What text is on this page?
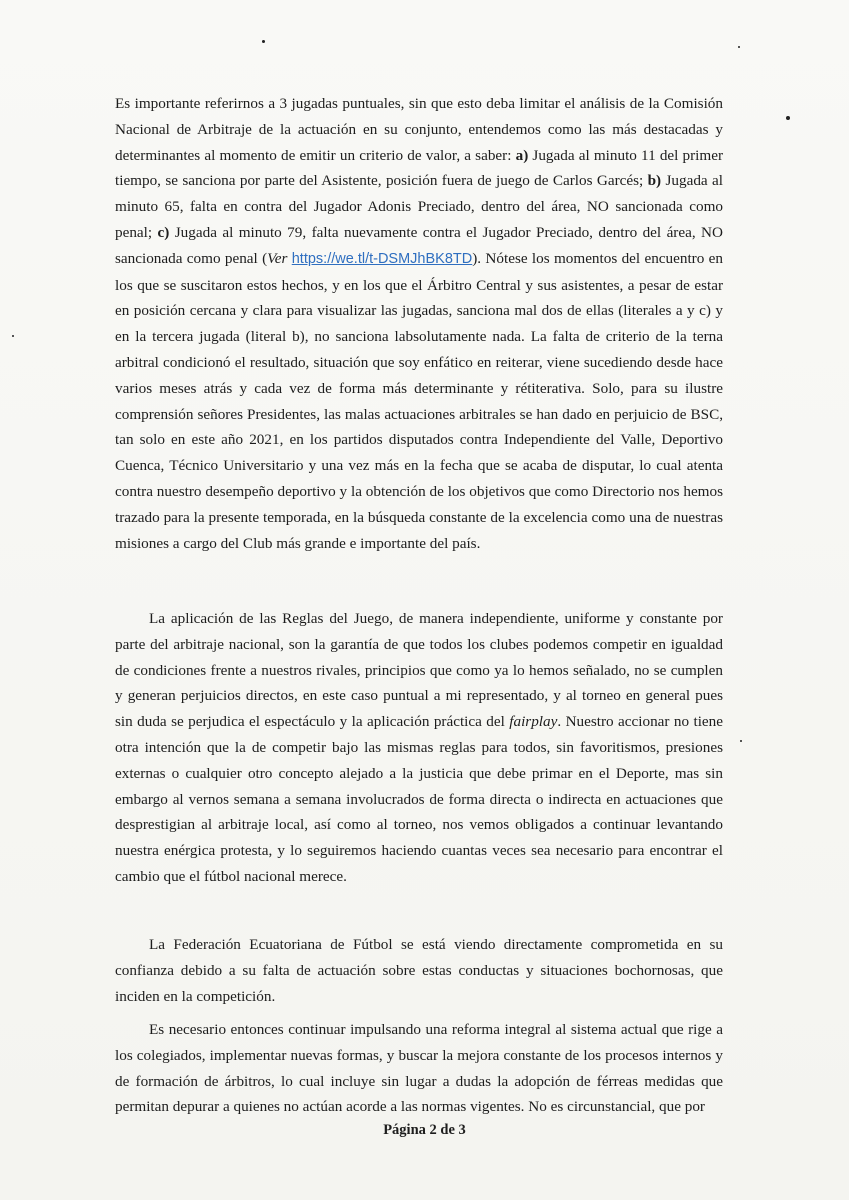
Es importante referirnos a 3 jugadas puntuales, sin que esto deba limitar el análisis de la Comisión Nacional de Arbitraje de la actuación en su conjunto, entendemos como las más destacadas y determinantes al momento de emitir un criterio de valor, a saber: a) Jugada al minuto 11 del primer tiempo, se sanciona por parte del Asistente, posición fuera de juego de Carlos Garcés; b) Jugada al minuto 65, falta en contra del Jugador Adonis Preciado, dentro del área, NO sancionada como penal; c) Jugada al minuto 79, falta nuevamente contra el Jugador Preciado, dentro del área, NO sancionada como penal (Ver https://we.tl/t-DSMJhBK8TD). Nótese los momentos del encuentro en los que se suscitaron estos hechos, y en los que el Árbitro Central y sus asistentes, a pesar de estar en posición cercana y clara para visualizar las jugadas, sanciona mal dos de ellas (literales a y c) y en la tercera jugada (literal b), no sanciona labsolutamente nada. La falta de criterio de la terna arbitral condicionó el resultado, situación que soy enfático en reiterar, viene sucediendo desde hace varios meses atrás y cada vez de forma más determinante y rétiterativa. Solo, para su ilustre comprensión señores Presidentes, las malas actuaciones arbitrales se han dado en perjuicio de BSC, tan solo en este año 2021, en los partidos disputados contra Independiente del Valle, Deportivo Cuenca, Técnico Universitario y una vez más en la fecha que se acaba de disputar, lo cual atenta contra nuestro desempeño deportivo y la obtención de los objetivos que como Directorio nos hemos trazado para la presente temporada, en la búsqueda constante de la excelencia como una de nuestras misiones a cargo del Club más grande e importante del país.

La aplicación de las Reglas del Juego, de manera independiente, uniforme y constante por parte del arbitraje nacional, son la garantía de que todos los clubes podemos competir en igualdad de condiciones frente a nuestros rivales, principios que como ya lo hemos señalado, no se cumplen y generan perjuicios directos, en este caso puntual a mi representado, y al torneo en general pues sin duda se perjudica el espectáculo y la aplicación práctica del fairplay. Nuestro accionar no tiene otra intención que la de competir bajo las mismas reglas para todos, sin favoritismos, presiones externas o cualquier otro concepto alejado a la justicia que debe primar en el Deporte, mas sin embargo al vernos semana a semana involucrados de forma directa o indirecta en actuaciones que desprestigian al arbitraje local, así como al torneo, nos vemos obligados a continuar levantando nuestra enérgica protesta, y lo seguiremos haciendo cuantas veces sea necesario para encontrar el cambio que el fútbol nacional merece.

La Federación Ecuatoriana de Fútbol se está viendo directamente comprometida en su confianza debido a su falta de actuación sobre estas conductas y situaciones bochornosas, que inciden en la competición.

Es necesario entonces continuar impulsando una reforma integral al sistema actual que rige a los colegiados, implementar nuevas formas, y buscar la mejora constante de los procesos internos y de formación de árbitros, lo cual incluye sin lugar a dudas la adopción de férreas medidas que permitan depurar a quienes no actúan acorde a las normas vigentes. No es circunstancial, que por

Página 2 de 3
